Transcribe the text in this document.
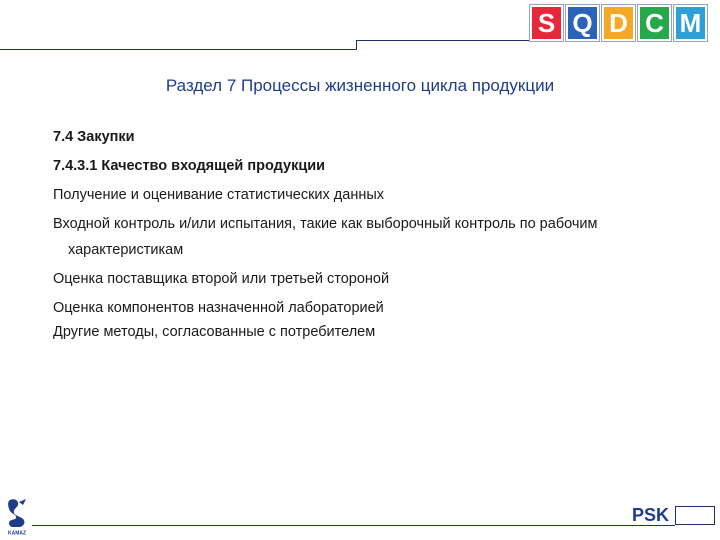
S Q D C M
Раздел 7 Процессы жизненного цикла продукции

7.4 Закупки

7.4.3.1 Качество входящей продукции

Получение и оценивание статистических данных

Входной контроль и/или испытания, такие как выборочный контроль по рабочим

характеристикам

Оценка поставщика второй или третьей стороной

Оценка компонентов назначенной лабораторией

Другие методы, согласованные с потребителем

KAMAZ
PSK
